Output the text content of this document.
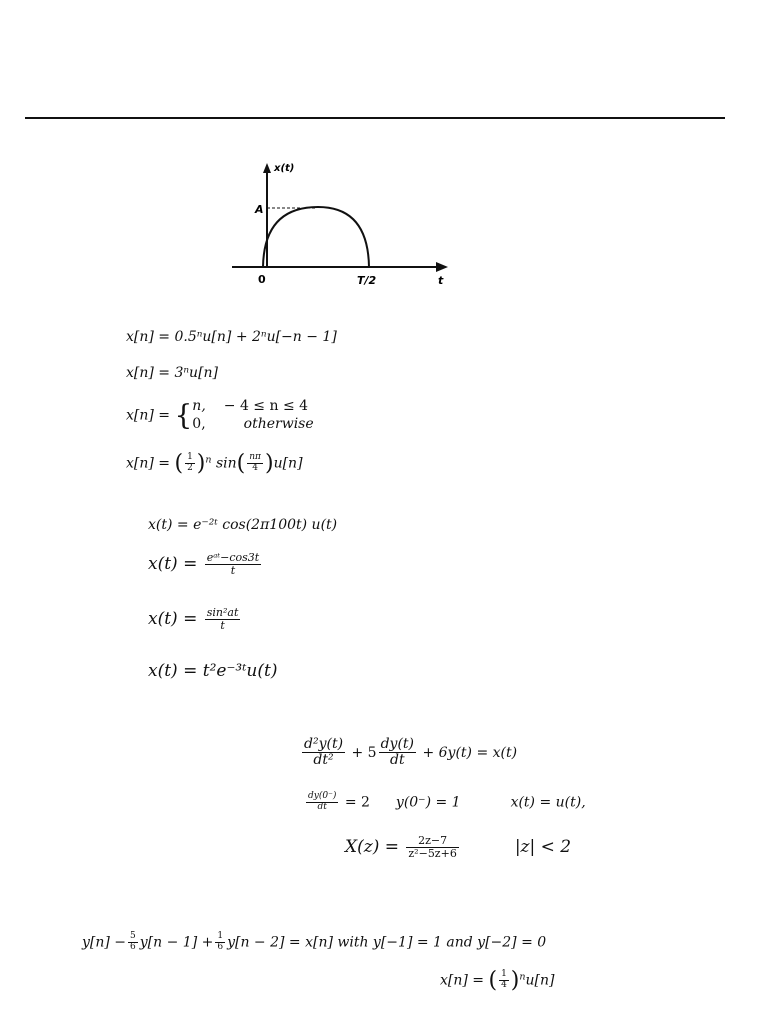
x(t)
A
0	T/2	t
x[n] = 0.5ⁿu[n] + 2ⁿu[−n − 1]
x[n] = 3ⁿu[n]
x[n] = { n, − 4 ≤ n ≤ 4
0,	otherwise
x[n] = ( $\frac{1}{2} )^n$ $\sin( \frac{n\pi}{4} )u[n]$
x(t) = e⁻²ᵗ cos(2π100t) u(t)
$x(t) = \frac{\text{eᵃᵗ−cos3t}}{t}$
$x(t) = \frac{\text{sin²at}}{t}$
x(t) = t²e⁻³ᵗu(t)
$\frac{\text{d²y(t)}}{\text{dt²}} + 5 \frac{dy(t)}{dt} + 6y(t) = x(t)$
$\frac{dy(0^-)}{dt} = 2$ y(0⁻) = 1	x(t) = u(t),
$X(z) = \frac{2z-7}{\text{z²−5z+6}}$	|z| < 2
$y[n] - \frac{5}{6} y[n - 1] + \frac{1}{6} y[n - 2] = x[n]$ with y[−1] = 1 and y[−2] = 0
x[n] = ( $\frac{1}{4} )^nu[n]$
